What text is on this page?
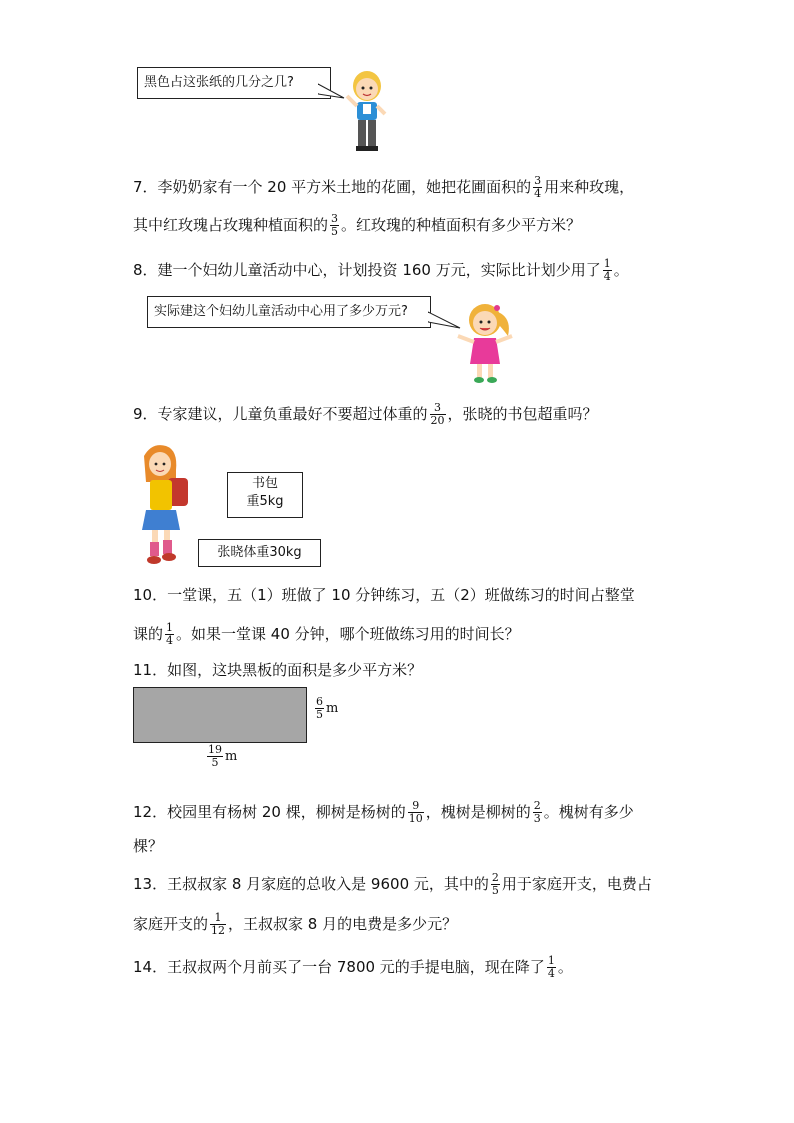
黑色占这张纸的几分之几?
7．李奶奶家有一个 20 平方米土地的花圃，她把花圃面积的 $\frac{3}{4}$ 用来种玫瑰，
其中红玫瑰占玫瑰种植面积的 $\frac{3}{5}$ 。红玫瑰的种植面积有多少平方米？
8．建一个妇幼儿童活动中心，计划投资 160 万元，实际比计划少用了 $\frac{1}{4}$ 。
实际建这个妇幼儿童活动中心用了多少万元?
9．专家建议，儿童负重最好不要超过体重的 $\frac{3}{20}$ ，张晓的书包超重吗？
书包
重5kg
张晓体重30kg
10．一堂课，五（1）班做了 10 分钟练习，五（2）班做练习的时间占整堂
课的 $\frac{1}{4}$ 。如果一堂课 40 分钟，哪个班做练习用的时间长？
11．如图，这块黑板的面积是多少平方米？
$\frac{6}{5}$ m
$\frac{19}{5}$ m
12．校园里有杨树 20 棵，柳树是杨树的 $\frac{9}{10}$ ，槐树是柳树的 $\frac{2}{3}$ 。槐树有多少
棵？
13．王叔叔家 8 月家庭的总收入是 9600 元，其中的 $\frac{2}{5}$ 用于家庭开支，电费占
家庭开支的 $\frac{1}{12}$ ，王叔叔家 8 月的电费是多少元？
14．王叔叔两个月前买了一台 7800 元的手提电脑，现在降了 $\frac{1}{4}$ 。
